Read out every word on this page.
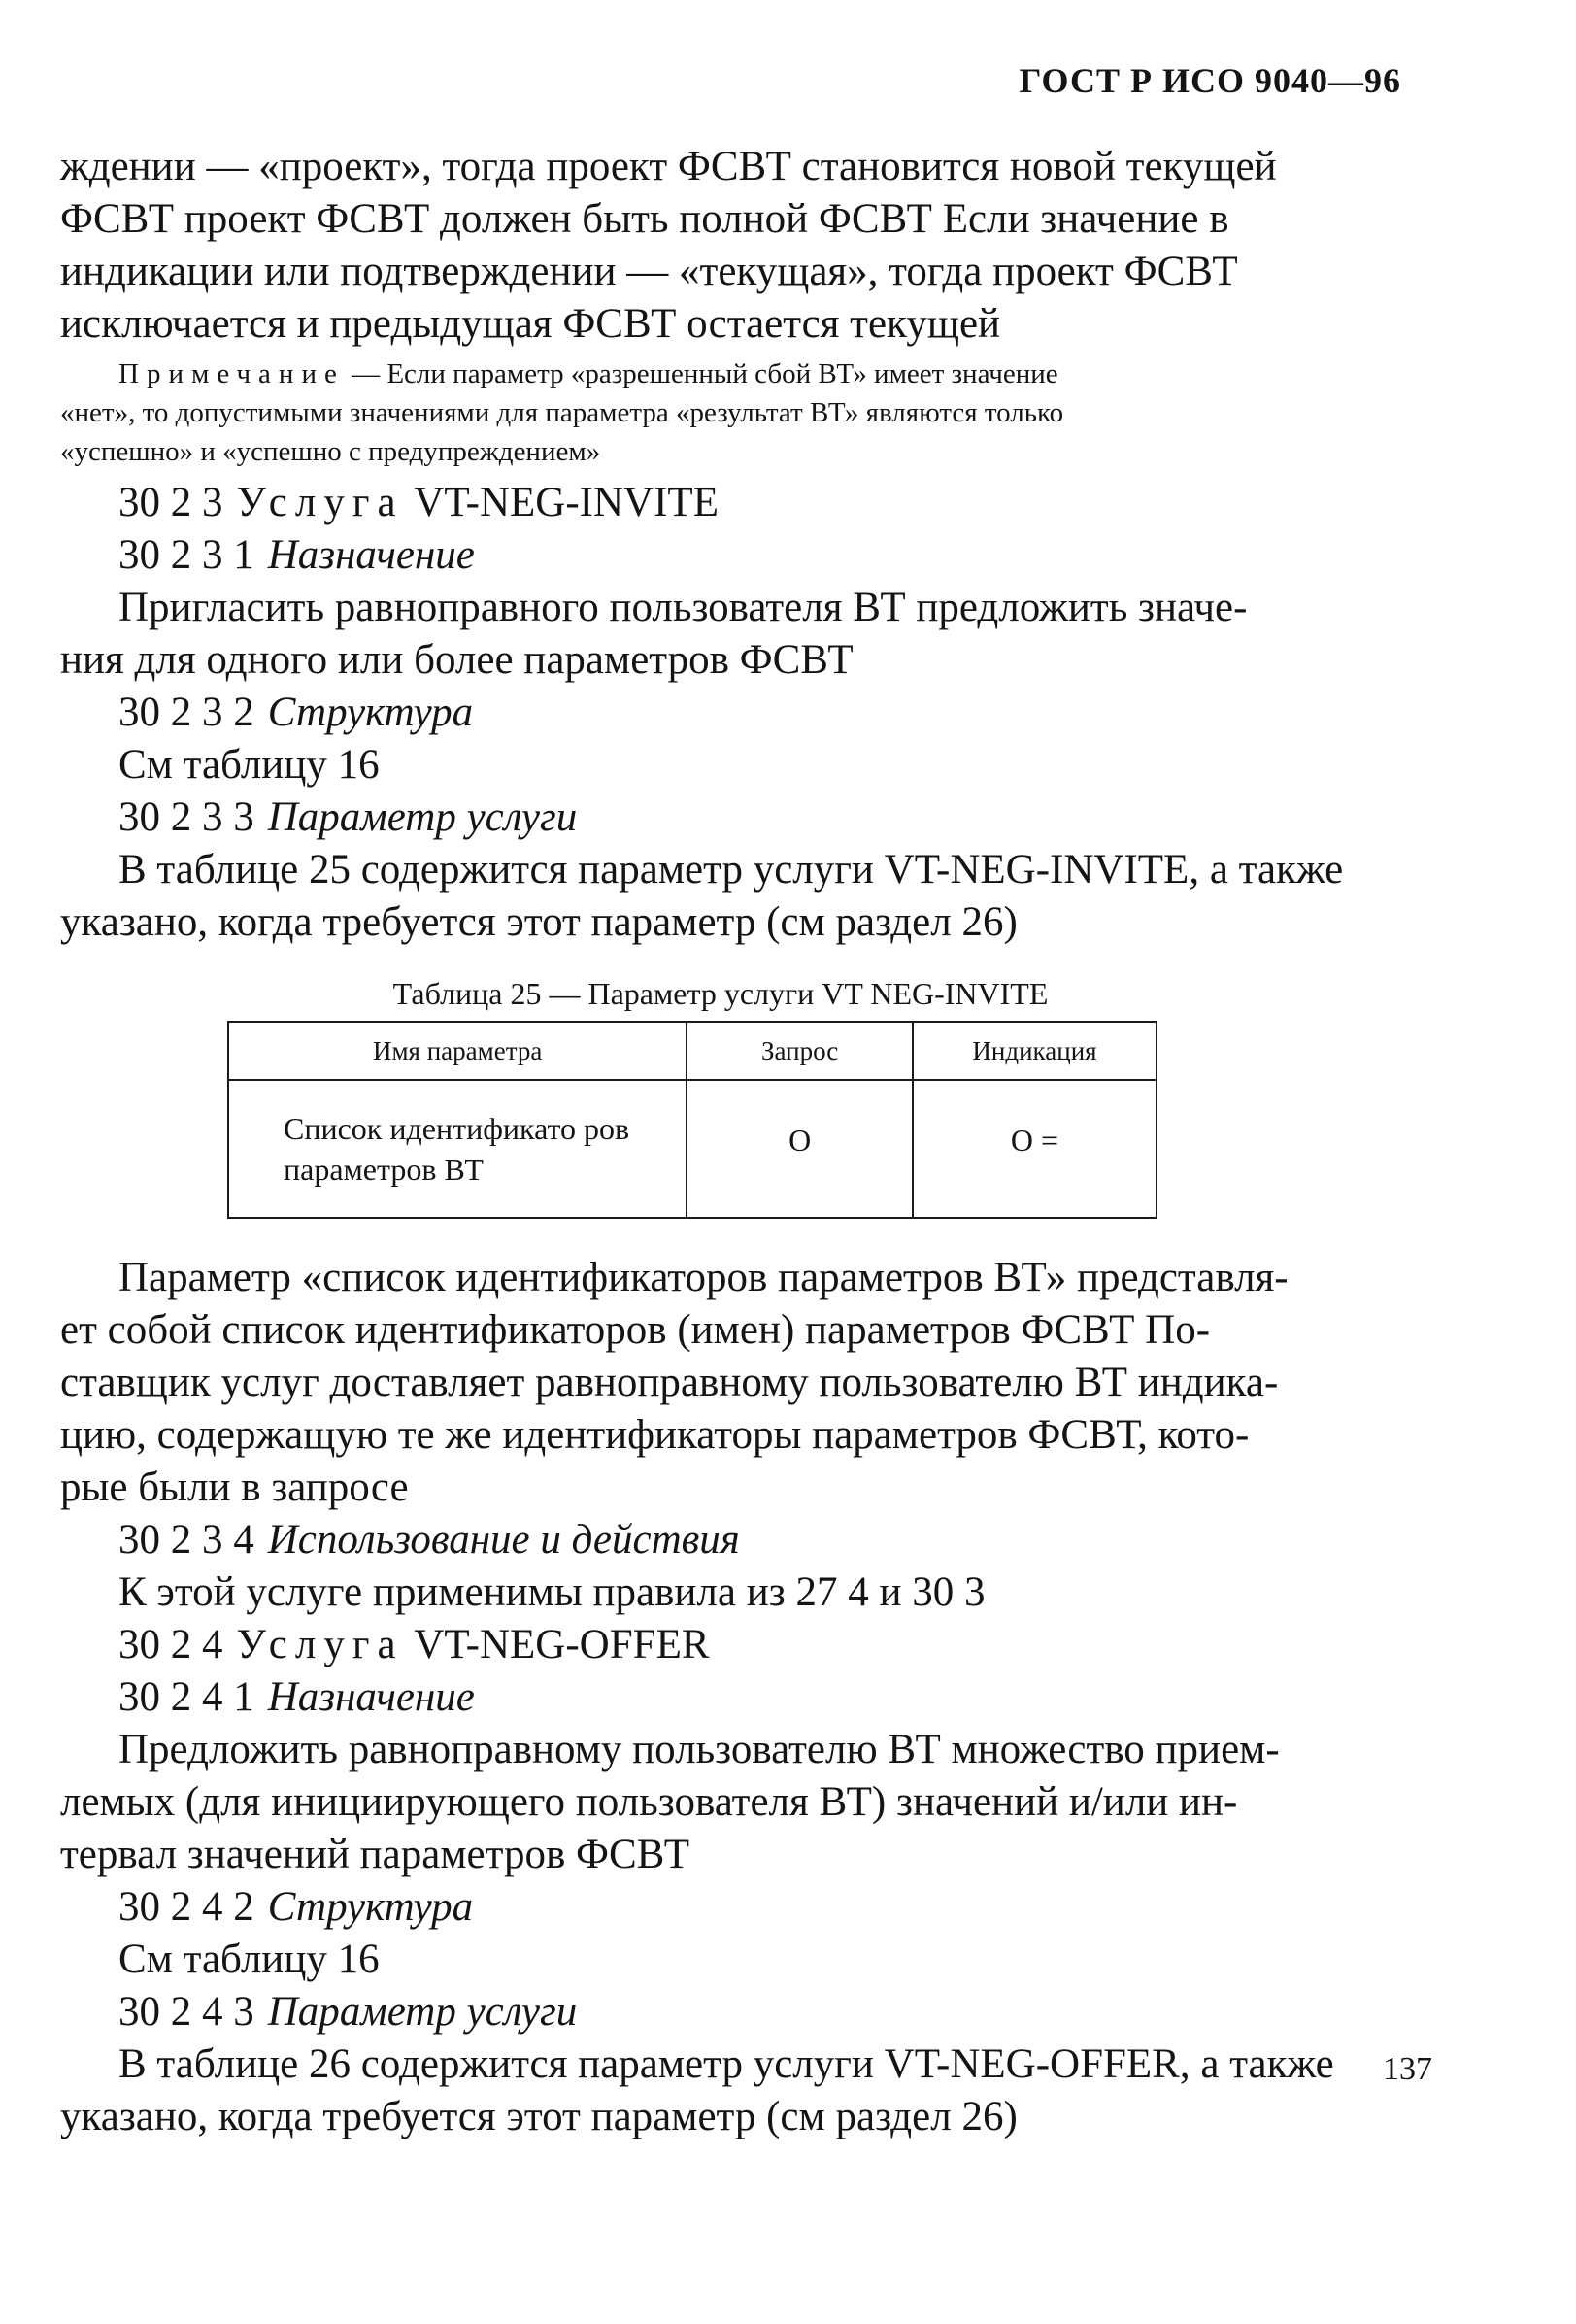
ГОСТ Р ИСО 9040—96

ждении — «проект», тогда проект ФСВТ становится новой текущей

ФСВТ проект ФСВТ должен быть полной ФСВТ Если значение в

индикации или подтверждении — «текущая», тогда проект ФСВТ

исключается и предыдущая ФСВТ остается текущей

Примечание — Если параметр «разрешенный сбой ВТ» имеет значение
«нет», то допустимыми значениями для параметра «результат ВТ» являются только
«успешно» и «успешно с предупреждением»

30 2 3 Услуга VT-NEG-INVITE

30 2 3 1 Назначение

Пригласить равноправного пользователя ВТ предложить значе-

ния для одного или более параметров ФСВТ

30 2 3 2 Структура

См таблицу 16

30 2 3 3 Параметр услуги

В таблице 25 содержится параметр услуги VT-NEG-INVITE, а также

указано, когда требуется этот параметр (см раздел 26)

Таблица 25 — Параметр услуги VT NEG-INVITE
Имя параметра	Запрос	Индикация

Список идентификато ров параметров ВТ	О	О =

Параметр «список идентификаторов параметров ВТ» представля-

ет собой список идентификаторов (имен) параметров ФСВТ По-

ставщик услуг доставляет равноправному пользователю ВТ индика-

цию, содержащую те же идентификаторы параметров ФСВТ, кото-

рые были в запросе

30 2 3 4 Использование и действия

К этой услуге применимы правила из 27 4 и 30 3

30 2 4 Услуга VT-NEG-OFFER

30 2 4 1 Назначение

Предложить равноправному пользователю ВТ множество прием-

лемых (для инициирующего пользователя ВТ) значений и/или ин-

тервал значений параметров ФСВТ

30 2 4 2 Структура

См таблицу 16

30 2 4 3 Параметр услуги

В таблице 26 содержится параметр услуги VT-NEG-OFFER, а также

указано, когда требуется этот параметр (см раздел 26)

137
